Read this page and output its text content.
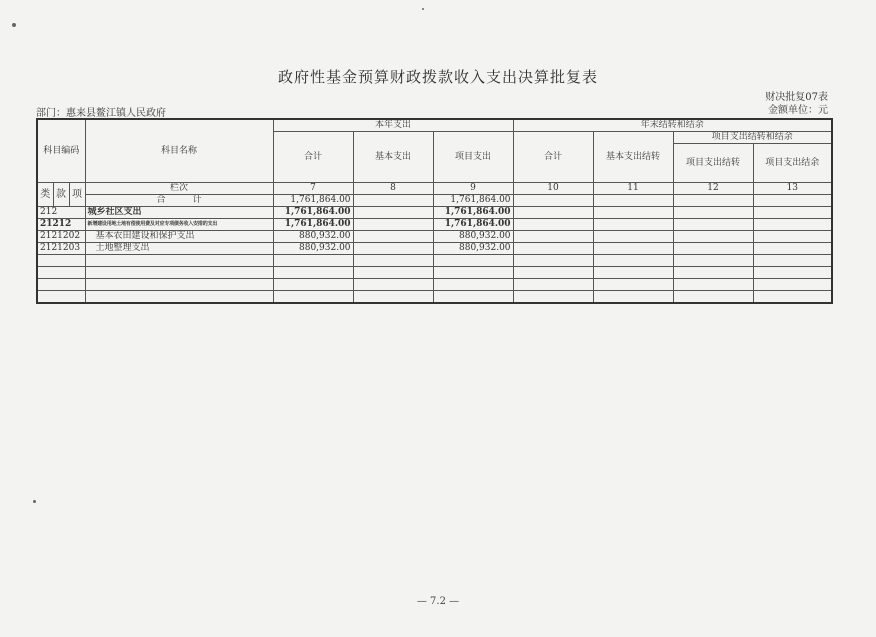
政府性基金预算财政拨款收入支出决算批复表
财决批复07表
金额单位：元
部门：惠来县鳌江镇人民政府
科目编码			科目名称	本年支出			年末结转和结余			
				合计	基本支出	项目支出	合计	基本支出结转	项目支出结转和结余	
									项目支出结转	项目支出结余
类	款	项	栏次	7	8	9	10	11	12	13
			合　　　计	1,761,864.00		1,761,864.00				
212			城乡社区支出	1,761,864.00		1,761,864.00				
21212			新增建设用地土地有偿使用费及对应专项债务收入安排的支出	1,761,864.00		1,761,864.00				
2121202			基本农田建设和保护支出	880,932.00		880,932.00				
2121203			土地整理支出	880,932.00		880,932.00				

— 7.2 —
